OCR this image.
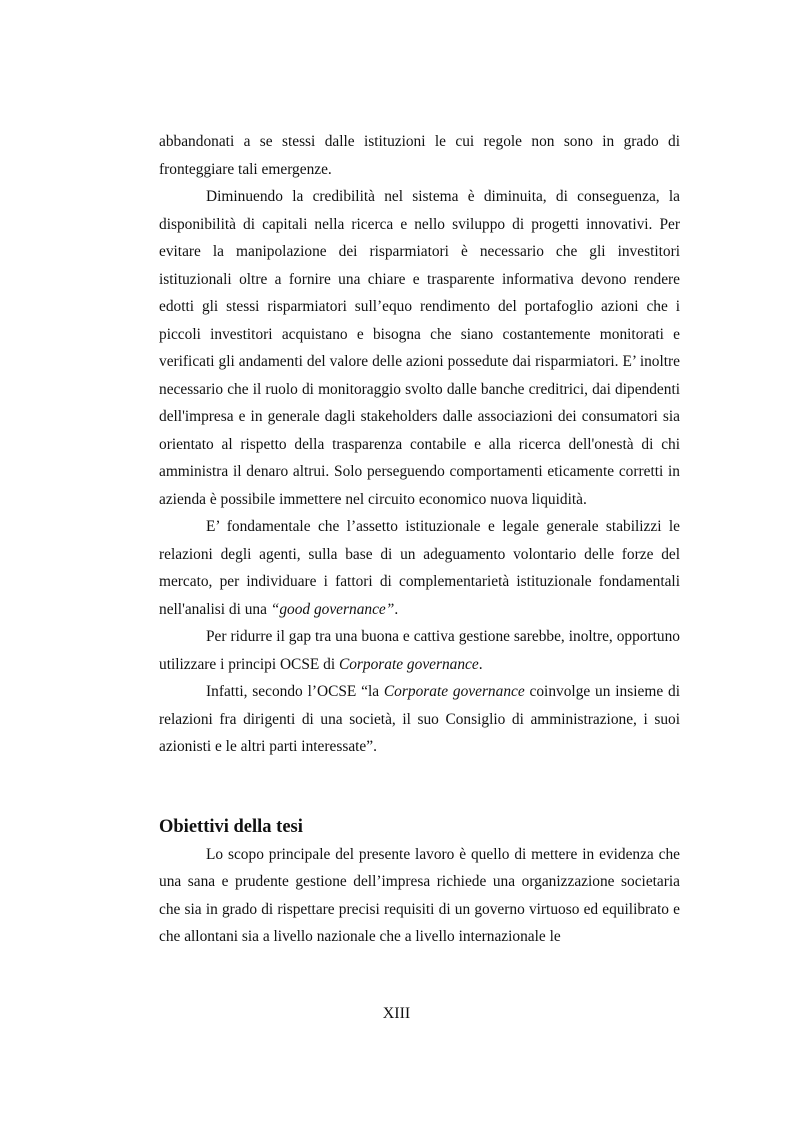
abbandonati a se stessi dalle istituzioni le cui regole non sono in grado di fronteggiare tali emergenze.

Diminuendo la credibilità nel sistema è diminuita, di conseguenza, la disponibilità di capitali nella ricerca e nello sviluppo di progetti innovativi. Per evitare la manipolazione dei risparmiatori è necessario che gli investitori istituzionali oltre a fornire una chiare e trasparente informativa devono rendere edotti gli stessi risparmiatori sull’equo rendimento del portafoglio azioni che i piccoli investitori acquistano e bisogna che siano costantemente monitorati e verificati gli andamenti del valore delle azioni possedute dai risparmiatori. E’ inoltre necessario che il ruolo di monitoraggio svolto dalle banche creditrici, dai dipendenti dell'impresa e in generale dagli stakeholders dalle associazioni dei consumatori sia orientato al rispetto della trasparenza contabile e alla ricerca dell'onestà di chi amministra il denaro altrui. Solo perseguendo comportamenti eticamente corretti in azienda è possibile immettere nel circuito economico nuova liquidità.

E’ fondamentale che l’assetto istituzionale e legale generale stabilizzi le relazioni degli agenti, sulla base di un adeguamento volontario delle forze del mercato, per individuare i fattori di complementarietà istituzionale fondamentali nell'analisi di una “good governance”.

Per ridurre il gap tra una buona e cattiva gestione sarebbe, inoltre, opportuno utilizzare i principi OCSE di Corporate governance.

Infatti, secondo l’OCSE “la Corporate governance coinvolge un insieme di relazioni fra dirigenti di una società, il suo Consiglio di amministrazione, i suoi azionisti e le altri parti interessate”.

Obiettivi della tesi

Lo scopo principale del presente lavoro è quello di mettere in evidenza che una sana e prudente gestione dell’impresa richiede una organizzazione societaria che sia in grado di rispettare precisi requisiti di un governo virtuoso ed equilibrato e che allontani sia a livello nazionale che a livello internazionale le

XIII
